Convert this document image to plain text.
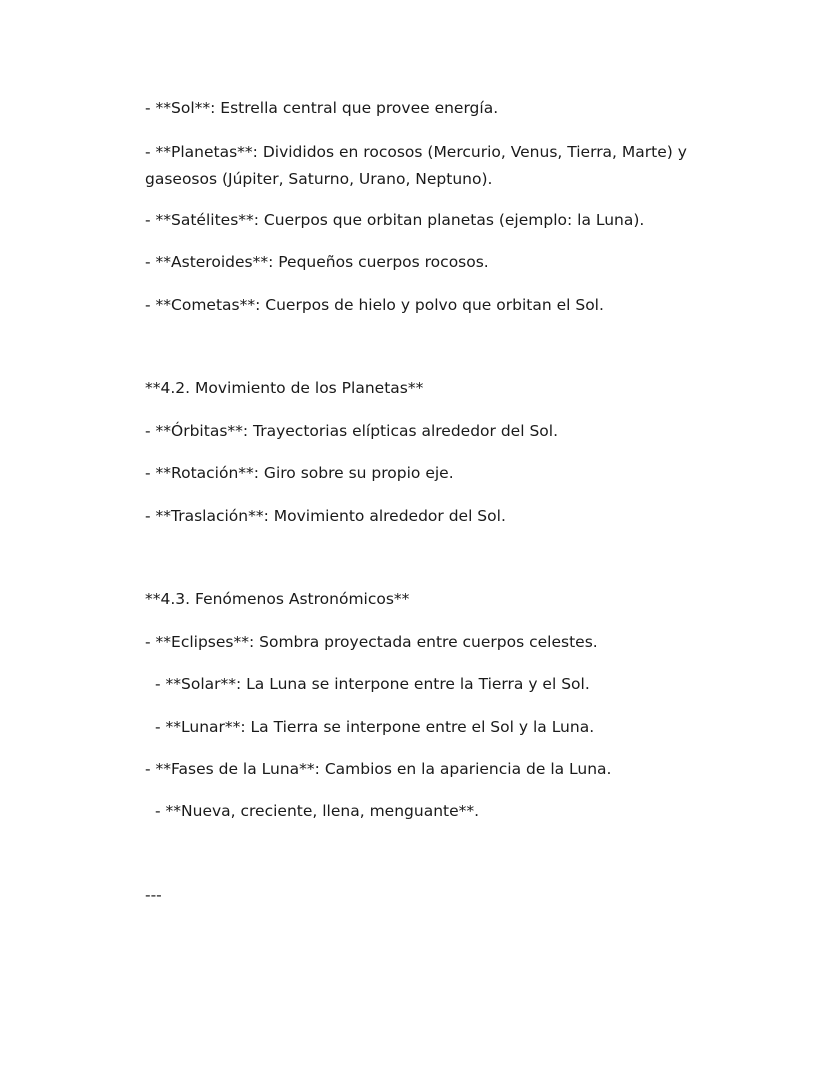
- **Sol**: Estrella central que provee energía.
- **Planetas**: Divididos en rocosos (Mercurio, Venus, Tierra, Marte) y gaseosos (Júpiter, Saturno, Urano, Neptuno).
- **Satélites**: Cuerpos que orbitan planetas (ejemplo: la Luna).
- **Asteroides**: Pequeños cuerpos rocosos.
- **Cometas**: Cuerpos de hielo y polvo que orbitan el Sol.
**4.2. Movimiento de los Planetas**
- **Órbitas**: Trayectorias elípticas alrededor del Sol.
- **Rotación**: Giro sobre su propio eje.
- **Traslación**: Movimiento alrededor del Sol.
**4.3. Fenómenos Astronómicos**
- **Eclipses**: Sombra proyectada entre cuerpos celestes.
- **Solar**: La Luna se interpone entre la Tierra y el Sol.
- **Lunar**: La Tierra se interpone entre el Sol y la Luna.
- **Fases de la Luna**: Cambios en la apariencia de la Luna.
- **Nueva, creciente, llena, menguante**.
---
